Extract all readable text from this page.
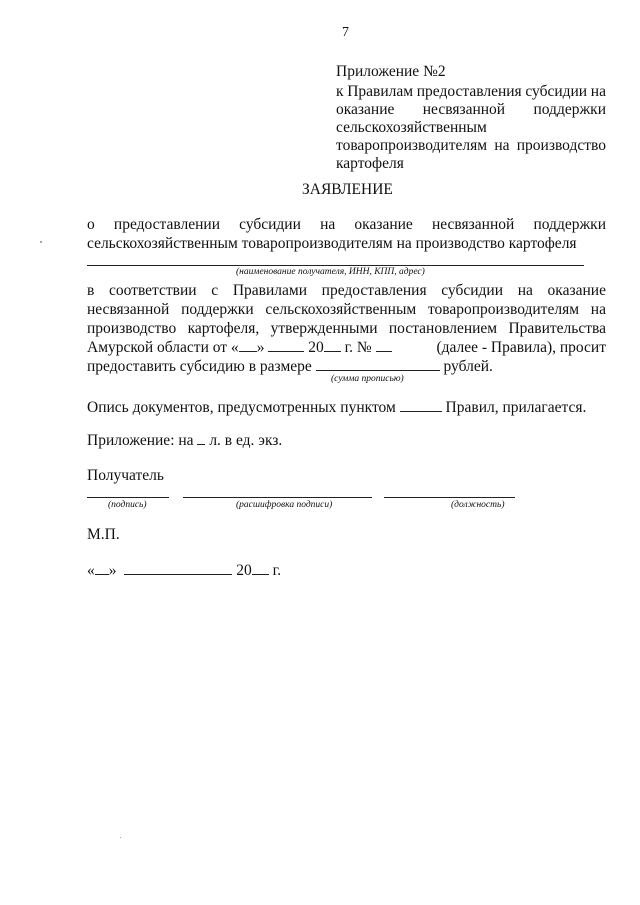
7
Приложение №2
к Правилам предоставления субсидии на
оказание несвязанной поддержки
сельскохозяйственным
товаропроизводителям на производство
картофеля
ЗАЯВЛЕНИЕ
о предоставлении субсидии на оказание несвязанной поддержки
сельскохозяйственным товаропроизводителям на производство картофеля
(наименование получателя, ИНН, КПП, адрес)
в соответствии с Правилами предоставления субсидии на оказание
несвязанной поддержки сельскохозяйственным товаропроизводителям на
производство картофеля, утвержденными постановлением Правительства
Амурской области от « »	20 г. №	(далее - Правила), просит
предоставить субсидию в размере	рублей.
(сумма прописью)
Опись документов, предусмотренных пунктом	Правил, прилагается.
Приложение: на л. в ед. экз.
Получатель
(подпись)	(расшифровка подписи)	(должность)
М.П.
« »	20 г.
